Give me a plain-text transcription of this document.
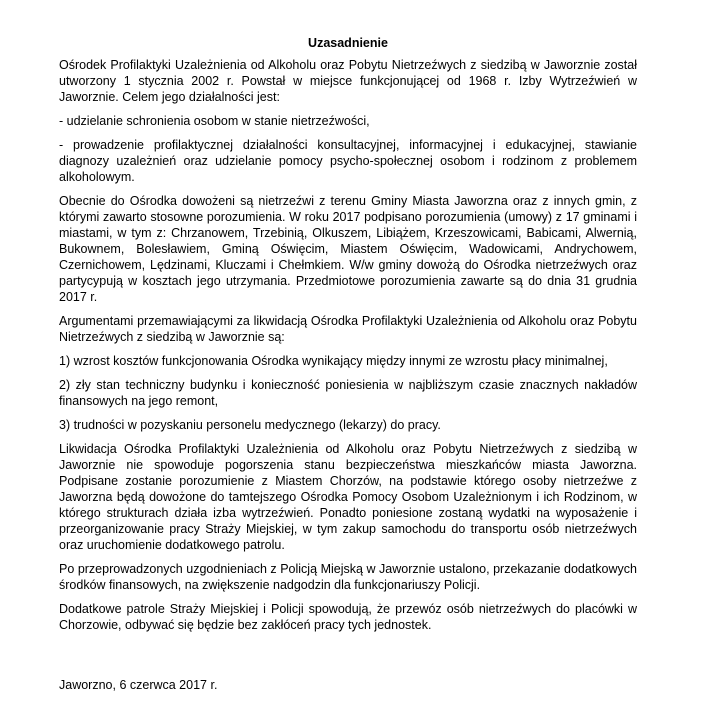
Uzasadnienie

Ośrodek Profilaktyki Uzależnienia od Alkoholu oraz Pobytu Nietrzeźwych z siedzibą w Jaworznie został utworzony 1 stycznia 2002 r. Powstał w miejsce funkcjonującej od 1968 r. Izby Wytrzeźwień w Jaworznie. Celem jego działalności jest:

- udzielanie schronienia osobom w stanie nietrzeźwości,

- prowadzenie profilaktycznej działalności konsultacyjnej, informacyjnej i edukacyjnej, stawianie diagnozy uzależnień oraz udzielanie pomocy psycho-społecznej osobom i rodzinom z problemem alkoholowym.

Obecnie do Ośrodka dowożeni są nietrzeźwi z terenu Gminy Miasta Jaworzna oraz z innych gmin, z którymi zawarto stosowne porozumienia. W roku 2017 podpisano porozumienia (umowy) z 17 gminami i miastami, w tym z: Chrzanowem, Trzebinią, Olkuszem, Libiążem, Krzeszowicami, Babicami, Alwernią, Bukownem, Bolesławiem, Gminą Oświęcim, Miastem Oświęcim, Wadowicami, Andrychowem, Czernichowem, Lędzinami, Kluczami i Chełmkiem. W/w gminy dowożą do Ośrodka nietrzeźwych oraz partycypują w kosztach jego utrzymania. Przedmiotowe porozumienia zawarte są do dnia 31 grudnia 2017 r.

Argumentami przemawiającymi za likwidacją Ośrodka Profilaktyki Uzależnienia od Alkoholu oraz Pobytu Nietrzeźwych z siedzibą w Jaworznie są:

1) wzrost kosztów funkcjonowania Ośrodka wynikający między innymi ze wzrostu płacy minimalnej,

2) zły stan techniczny budynku i konieczność poniesienia w najbliższym czasie znacznych nakładów finansowych na jego remont,

3) trudności w pozyskaniu personelu medycznego (lekarzy) do pracy.

Likwidacja Ośrodka Profilaktyki Uzależnienia od Alkoholu oraz Pobytu Nietrzeźwych z siedzibą w Jaworznie nie spowoduje pogorszenia stanu bezpieczeństwa mieszkańców miasta Jaworzna. Podpisane zostanie porozumienie z Miastem Chorzów, na podstawie którego osoby nietrzeźwe z Jaworzna będą dowożone do tamtejszego Ośrodka Pomocy Osobom Uzależnionym i ich Rodzinom, w którego strukturach działa izba wytrzeźwień. Ponadto poniesione zostaną wydatki na wyposażenie i przeorganizowanie pracy Straży Miejskiej, w tym zakup samochodu do transportu osób nietrzeźwych oraz uruchomienie dodatkowego patrolu.

Po przeprowadzonych uzgodnieniach z Policją Miejską w Jaworznie ustalono, przekazanie dodatkowych środków finansowych, na zwiększenie nadgodzin dla funkcjonariuszy Policji.

Dodatkowe patrole Straży Miejskiej i Policji spowodują, że przewóz osób nietrzeźwych do placówki w Chorzowie, odbywać się będzie bez zakłóceń pracy tych jednostek.

Jaworzno, 6 czerwca 2017 r.
